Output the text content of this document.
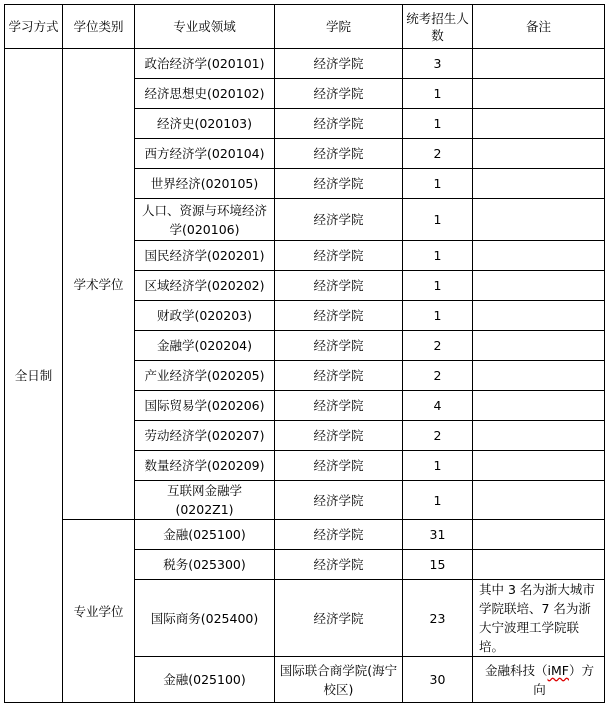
学习方式	学位类别	专业或领域	学院	统考招生人数	备注
全日制	学术学位	政治经济学(020101)	经济学院	3	
		经济思想史(020102)	经济学院	1	
		经济史(020103)	经济学院	1	
		西方经济学(020104)	经济学院	2	
		世界经济(020105)	经济学院	1	
		人口、资源与环境经济学(020106)	经济学院	1	
		国民经济学(020201)	经济学院	1	
		区域经济学(020202)	经济学院	1	
		财政学(020203)	经济学院	1	
		金融学(020204)	经济学院	2	
		产业经济学(020205)	经济学院	2	
		国际贸易学(020206)	经济学院	4	
		劳动经济学(020207)	经济学院	2	
		数量经济学(020209)	经济学院	1	
		互联网金融学(0202Z1)	经济学院	1	
	专业学位	金融(025100)	经济学院	31	
		税务(025300)	经济学院	15	
		国际商务(025400)	经济学院	23	其中 3 名为浙大城市学院联培、7 名为浙大宁波理工学院联培。
		金融(025100)	国际联合商学院(海宁校区)	30	金融科技（iMF）方向
